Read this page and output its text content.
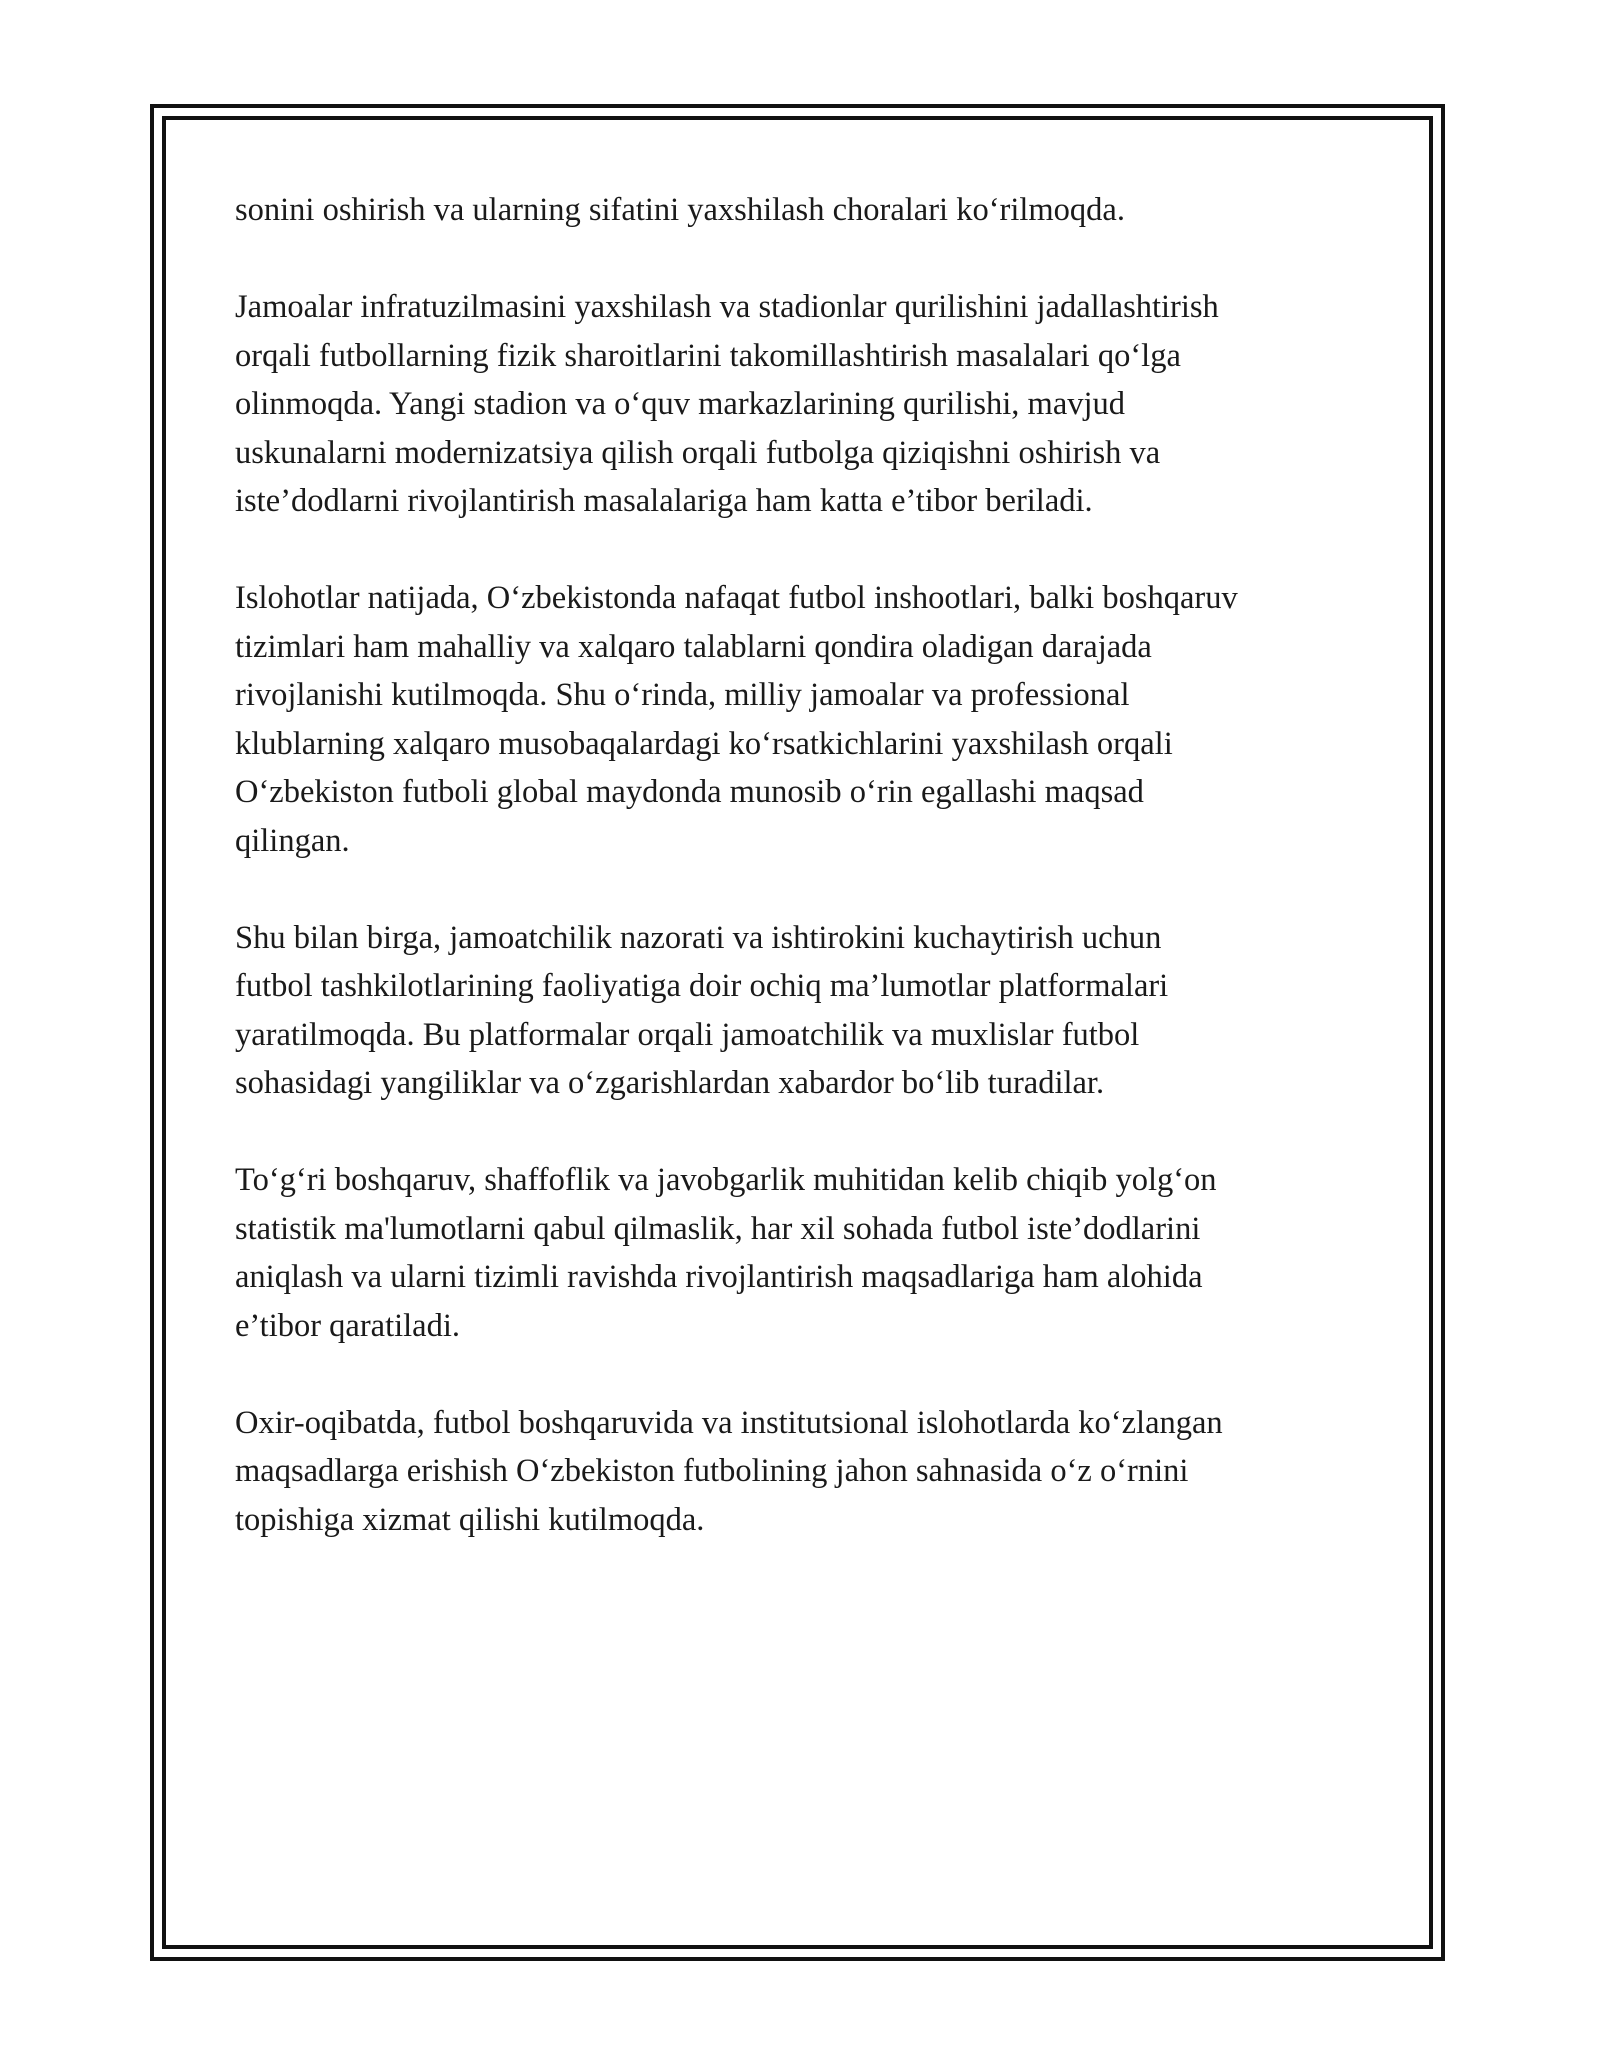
sonini oshirish va ularning sifatini yaxshilash choralari ko‘rilmoqda.

Jamoalar infratuzilmasini yaxshilash va stadionlar qurilishini jadallashtirish
orqali futbollarning fizik sharoitlarini takomillashtirish masalalari qo‘lga
olinmoqda. Yangi stadion va o‘quv markazlarining qurilishi, mavjud
uskunalarni modernizatsiya qilish orqali futbolga qiziqishni oshirish va
iste’dodlarni rivojlantirish masalalariga ham katta e’tibor beriladi.

Islohotlar natijada, O‘zbekistonda nafaqat futbol inshootlari, balki boshqaruv
tizimlari ham mahalliy va xalqaro talablarni qondira oladigan darajada
rivojlanishi kutilmoqda. Shu o‘rinda, milliy jamoalar va professional
klublarning xalqaro musobaqalardagi ko‘rsatkichlarini yaxshilash orqali
O‘zbekiston futboli global maydonda munosib o‘rin egallashi maqsad
qilingan.

Shu bilan birga, jamoatchilik nazorati va ishtirokini kuchaytirish uchun
futbol tashkilotlarining faoliyatiga doir ochiq ma’lumotlar platformalari
yaratilmoqda. Bu platformalar orqali jamoatchilik va muxlislar futbol
sohasidagi yangiliklar va o‘zgarishlardan xabardor bo‘lib turadilar.

To‘g‘ri boshqaruv, shaffoflik va javobgarlik muhitidan kelib chiqib yolg‘on
statistik ma'lumotlarni qabul qilmaslik, har xil sohada futbol iste’dodlarini
aniqlash va ularni tizimli ravishda rivojlantirish maqsadlariga ham alohida
e’tibor qaratiladi.

Oxir-oqibatda, futbol boshqaruvida va institutsional islohotlarda ko‘zlangan
maqsadlarga erishish O‘zbekiston futbolining jahon sahnasida o‘z o‘rnini
topishiga xizmat qilishi kutilmoqda.
